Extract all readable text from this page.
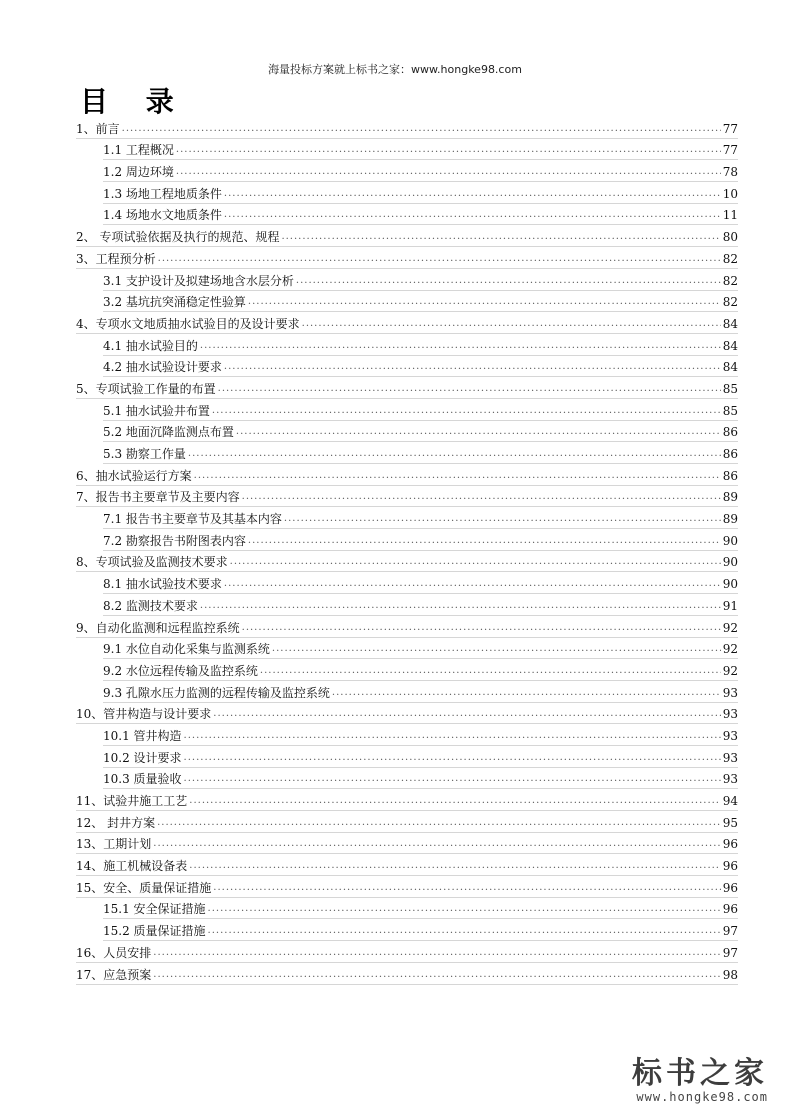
海量投标方案就上标书之家：www.hongke98.com
目 录
1、前言 .....	77
1.1 工程概况 .....	77
1.2 周边环境 .....	78
1.3 场地工程地质条件 .....	10
1.4 场地水文地质条件 .....	11
2、 专项试验依据及执行的规范、规程 .....	80
3、工程预分析 .....	82
3.1 支护设计及拟建场地含水层分析 .....	82
3.2 基坑抗突涌稳定性验算 .....	82
4、专项水文地质抽水试验目的及设计要求 .....	84
4.1 抽水试验目的 .....	84
4.2 抽水试验设计要求 .....	84
5、专项试验工作量的布置 .....	85
5.1 抽水试验井布置 .....	85
5.2 地面沉降监测点布置 .....	86
5.3 勘察工作量 .....	86
6、抽水试验运行方案 .....	86
7、报告书主要章节及主要内容 .....	89
7.1 报告书主要章节及其基本内容 .....	89
7.2 勘察报告书附图表内容 .....	90
8、专项试验及监测技术要求 .....	90
8.1 抽水试验技术要求 .....	90
8.2 监测技术要求 .....	91
9、自动化监测和远程监控系统 .....	92
9.1 水位自动化采集与监测系统 .....	92
9.2 水位远程传输及监控系统 .....	92
9.3 孔隙水压力监测的远程传输及监控系统 .....	93
10、管井构造与设计要求 .....	93
10.1 管井构造 .....	93
10.2 设计要求 .....	93
10.3 质量验收 .....	93
11、试验井施工工艺 .....	94
12、 封井方案 .....	95
13、工期计划 .....	96
14、施工机械设备表 .....	96
15、安全、质量保证措施 .....	96
15.1 安全保证措施 .....	96
15.2 质量保证措施 .....	97
16、人员安排 .....	97
17、应急预案 .....	98
标书之家
www.hongke98.com
